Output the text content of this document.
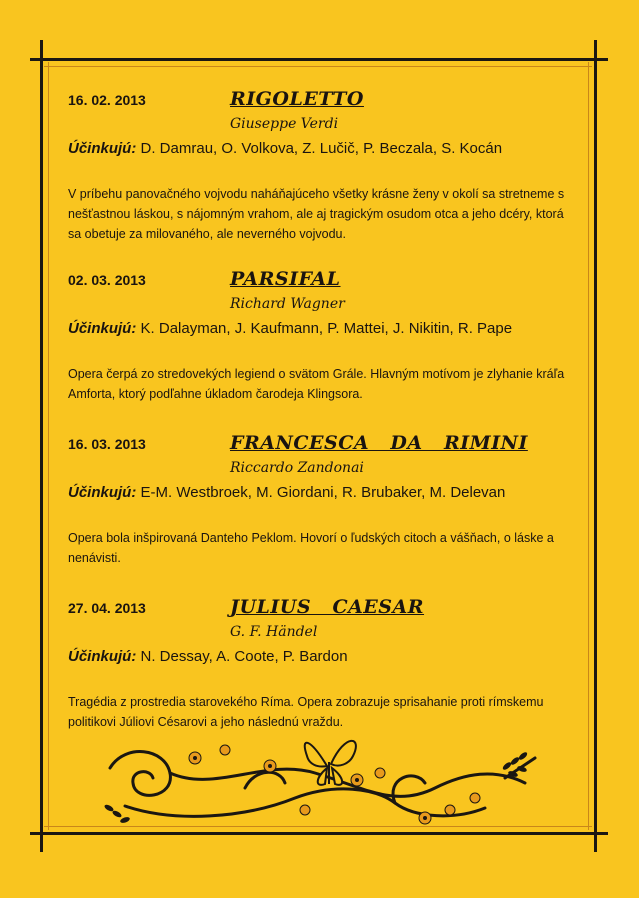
16. 02. 2013	RIGOLETTO
Giuseppe Verdi
Účinkujú: D. Damrau, O. Volkova, Z. Lučič, P. Beczala, S. Kocán
V príbehu panovačného vojvodu naháňajúceho všetky krásne ženy v okolí sa stretneme s nešťastnou láskou, s nájomným vrahom, ale aj tragickým osudom otca a jeho dcéry, ktorá sa obetuje za milovaného, ale neverného vojvodu.
02. 03. 2013	PARSIFAL
Richard Wagner
Účinkujú: K. Dalayman, J. Kaufmann, P. Mattei, J. Nikitin, R. Pape
Opera čerpá zo stredovekých legiend o svätom Grále. Hlavným motívom je zlyhanie kráľa Amforta, ktorý podľahne úkladom čarodeja Klingsora.
16. 03. 2013	FRANCESCA   DA   RIMINI
Riccardo Zandonai
Účinkujú: E-M. Westbroek, M. Giordani, R. Brubaker, M. Delevan
Opera bola inšpirovaná Danteho Peklom. Hovorí o ľudských citoch a vášňach, o láske a nenávisti.
27. 04. 2013	JULIUS   CAESAR
G. F. Händel
Účinkujú: N. Dessay, A. Coote, P. Bardon
Tragédia z prostredia starovekého Ríma. Opera zobrazuje sprisahanie proti rímskemu politikovi Júliovi Césarovi a jeho následnú vraždu.
